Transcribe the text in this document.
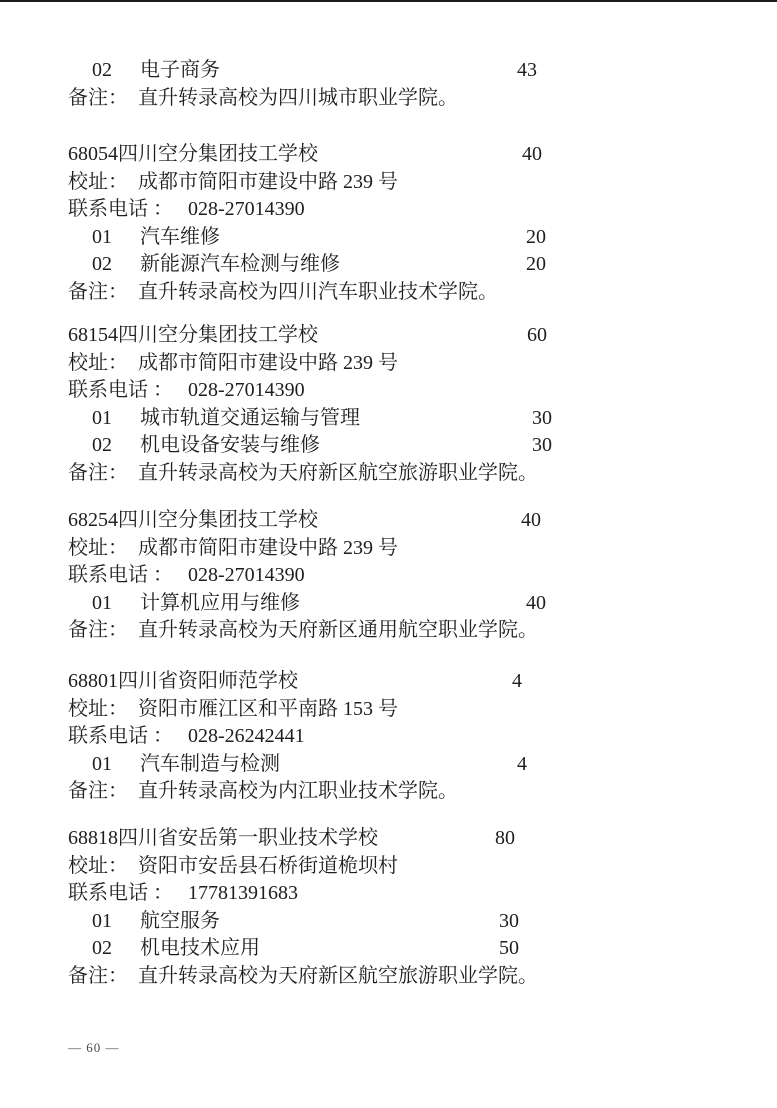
02 电子商务	43
备注： 直升转录高校为四川城市职业学院。
68054四川空分集团技工学校	40
校址： 成都市简阳市建设中路 239 号
联系电话 ： 028-27014390
01 汽车维修	20
02 新能源汽车检测与维修	20
备注： 直升转录高校为四川汽车职业技术学院。
68154四川空分集团技工学校	60
校址： 成都市简阳市建设中路 239 号
联系电话 ： 028-27014390
01 城市轨道交通运输与管理	30
02 机电设备安装与维修	30
备注： 直升转录高校为天府新区航空旅游职业学院。
68254四川空分集团技工学校	40
校址： 成都市简阳市建设中路 239 号
联系电话 ： 028-27014390
01 计算机应用与维修	40
备注： 直升转录高校为天府新区通用航空职业学院。
68801四川省资阳师范学校	4
校址： 资阳市雁江区和平南路 153 号
联系电话 ： 028-26242441
01 汽车制造与检测	4
备注： 直升转录高校为内江职业技术学院。
68818四川省安岳第一职业技术学校	80
校址： 资阳市安岳县石桥街道桅坝村
联系电话 ： 17781391683
01 航空服务	30
02 机电技术应用	50
备注： 直升转录高校为天府新区航空旅游职业学院。
— 60 —
